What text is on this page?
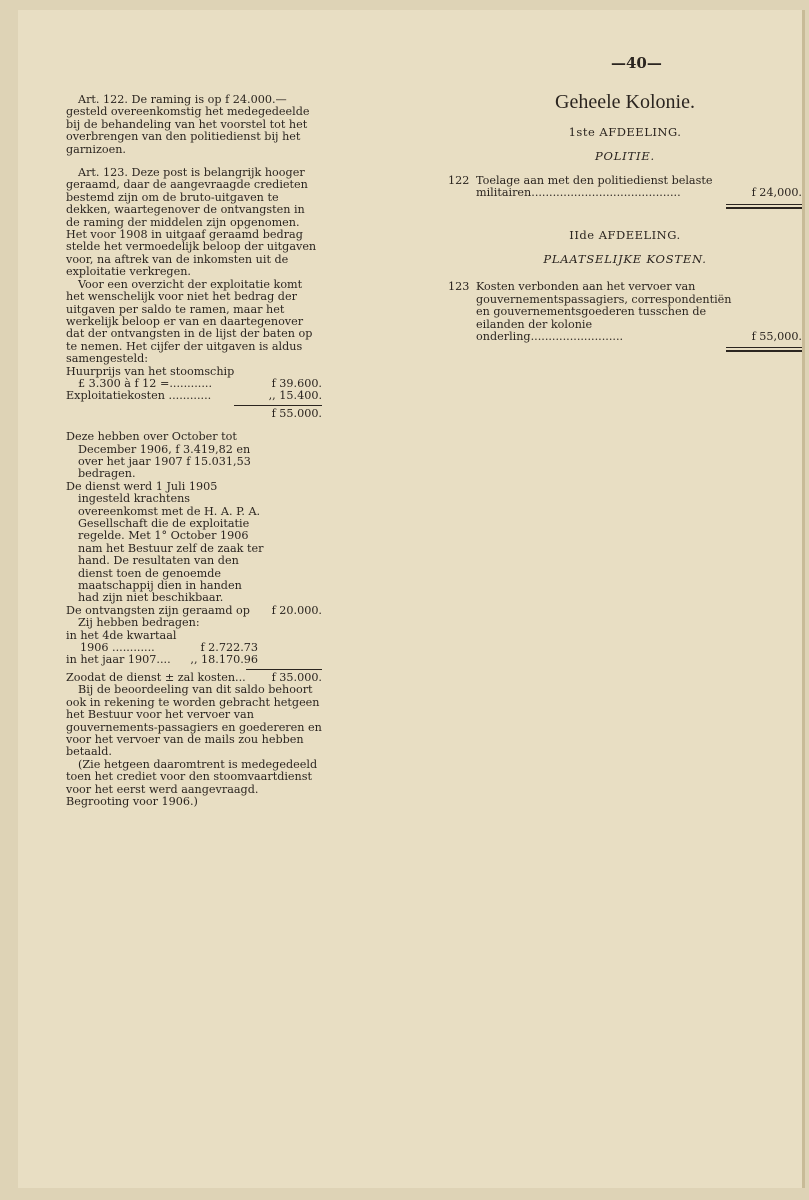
—40—

Art. 122. De raming is op f 24.000.— gesteld overeenkomstig het medegedeelde bij de behandeling van het voorstel tot het overbrengen van den politiedienst bij het garnizoen.

Art. 123. Deze post is belangrijk hooger geraamd, daar de aangevraagde credieten bestemd zijn om de bruto-uitgaven te dekken, waartegenover de ontvangsten in de raming der middelen zijn opgenomen. Het voor 1908 in uitgaaf geraamd bedrag stelde het vermoedelijk beloop der uitgaven voor, na aftrek van de inkomsten uit de exploitatie verkregen.

Voor een overzicht der exploitatie komt het wenschelijk voor niet het bedrag der uitgaven per saldo te ramen, maar het werkelijk beloop er van en daartegenover dat der ontvangsten in de lijst der baten op te nemen. Het cijfer der uitgaven is aldus samengesteld:

Huurprijs van het stoomschip

£ 3.300 à f 12 =............	f 39.600.
Exploitatiekosten ............	,, 15.400.
f 55.000.

Deze hebben over October tot December 1906, f 3.419,82 en over het jaar 1907 f 15.031,53 bedragen.

De dienst werd 1 Juli 1905 ingesteld krachtens overeenkomst met de H. A. P. A. Gesellschaft die de exploitatie regelde. Met 1° October 1906 nam het Bestuur zelf de zaak ter hand. De resultaten van den dienst toen de genoemde maatschappij dien in handen had zijn niet beschikbaar.

De ontvangsten zijn geraamd op f 20.000.

Zij hebben bedragen:

in het 4de kwartaal

1906 ............	f 2.722.73
in het jaar 1907.... ,, 18.170.96
Zoodat de dienst ± zal kosten... f 35.000.

Bij de beoordeeling van dit saldo behoort ook in rekening te worden gebracht hetgeen het Bestuur voor het vervoer van gouvernements-passagiers en goedereren en voor het vervoer van de mails zou hebben betaald.

(Zie hetgeen daaromtrent is medegedeeld toen het crediet voor den stoomvaartdienst voor het eerst werd aangevraagd. Begrooting voor 1906.)

Geheele Kolonie.

1ste AFDEELING.

POLITIE.

122 Toelage aan met den politiedienst belaste militairen..........................................	f 24,000.

IIde AFDEELING.

PLAATSELIJKE KOSTEN.

123 Kosten verbonden aan het vervoer van gouvernementspassagiers, correspondentiën en gouvernementsgoederen tusschen de eilanden der kolonie onderling..........................	f 55,000.
